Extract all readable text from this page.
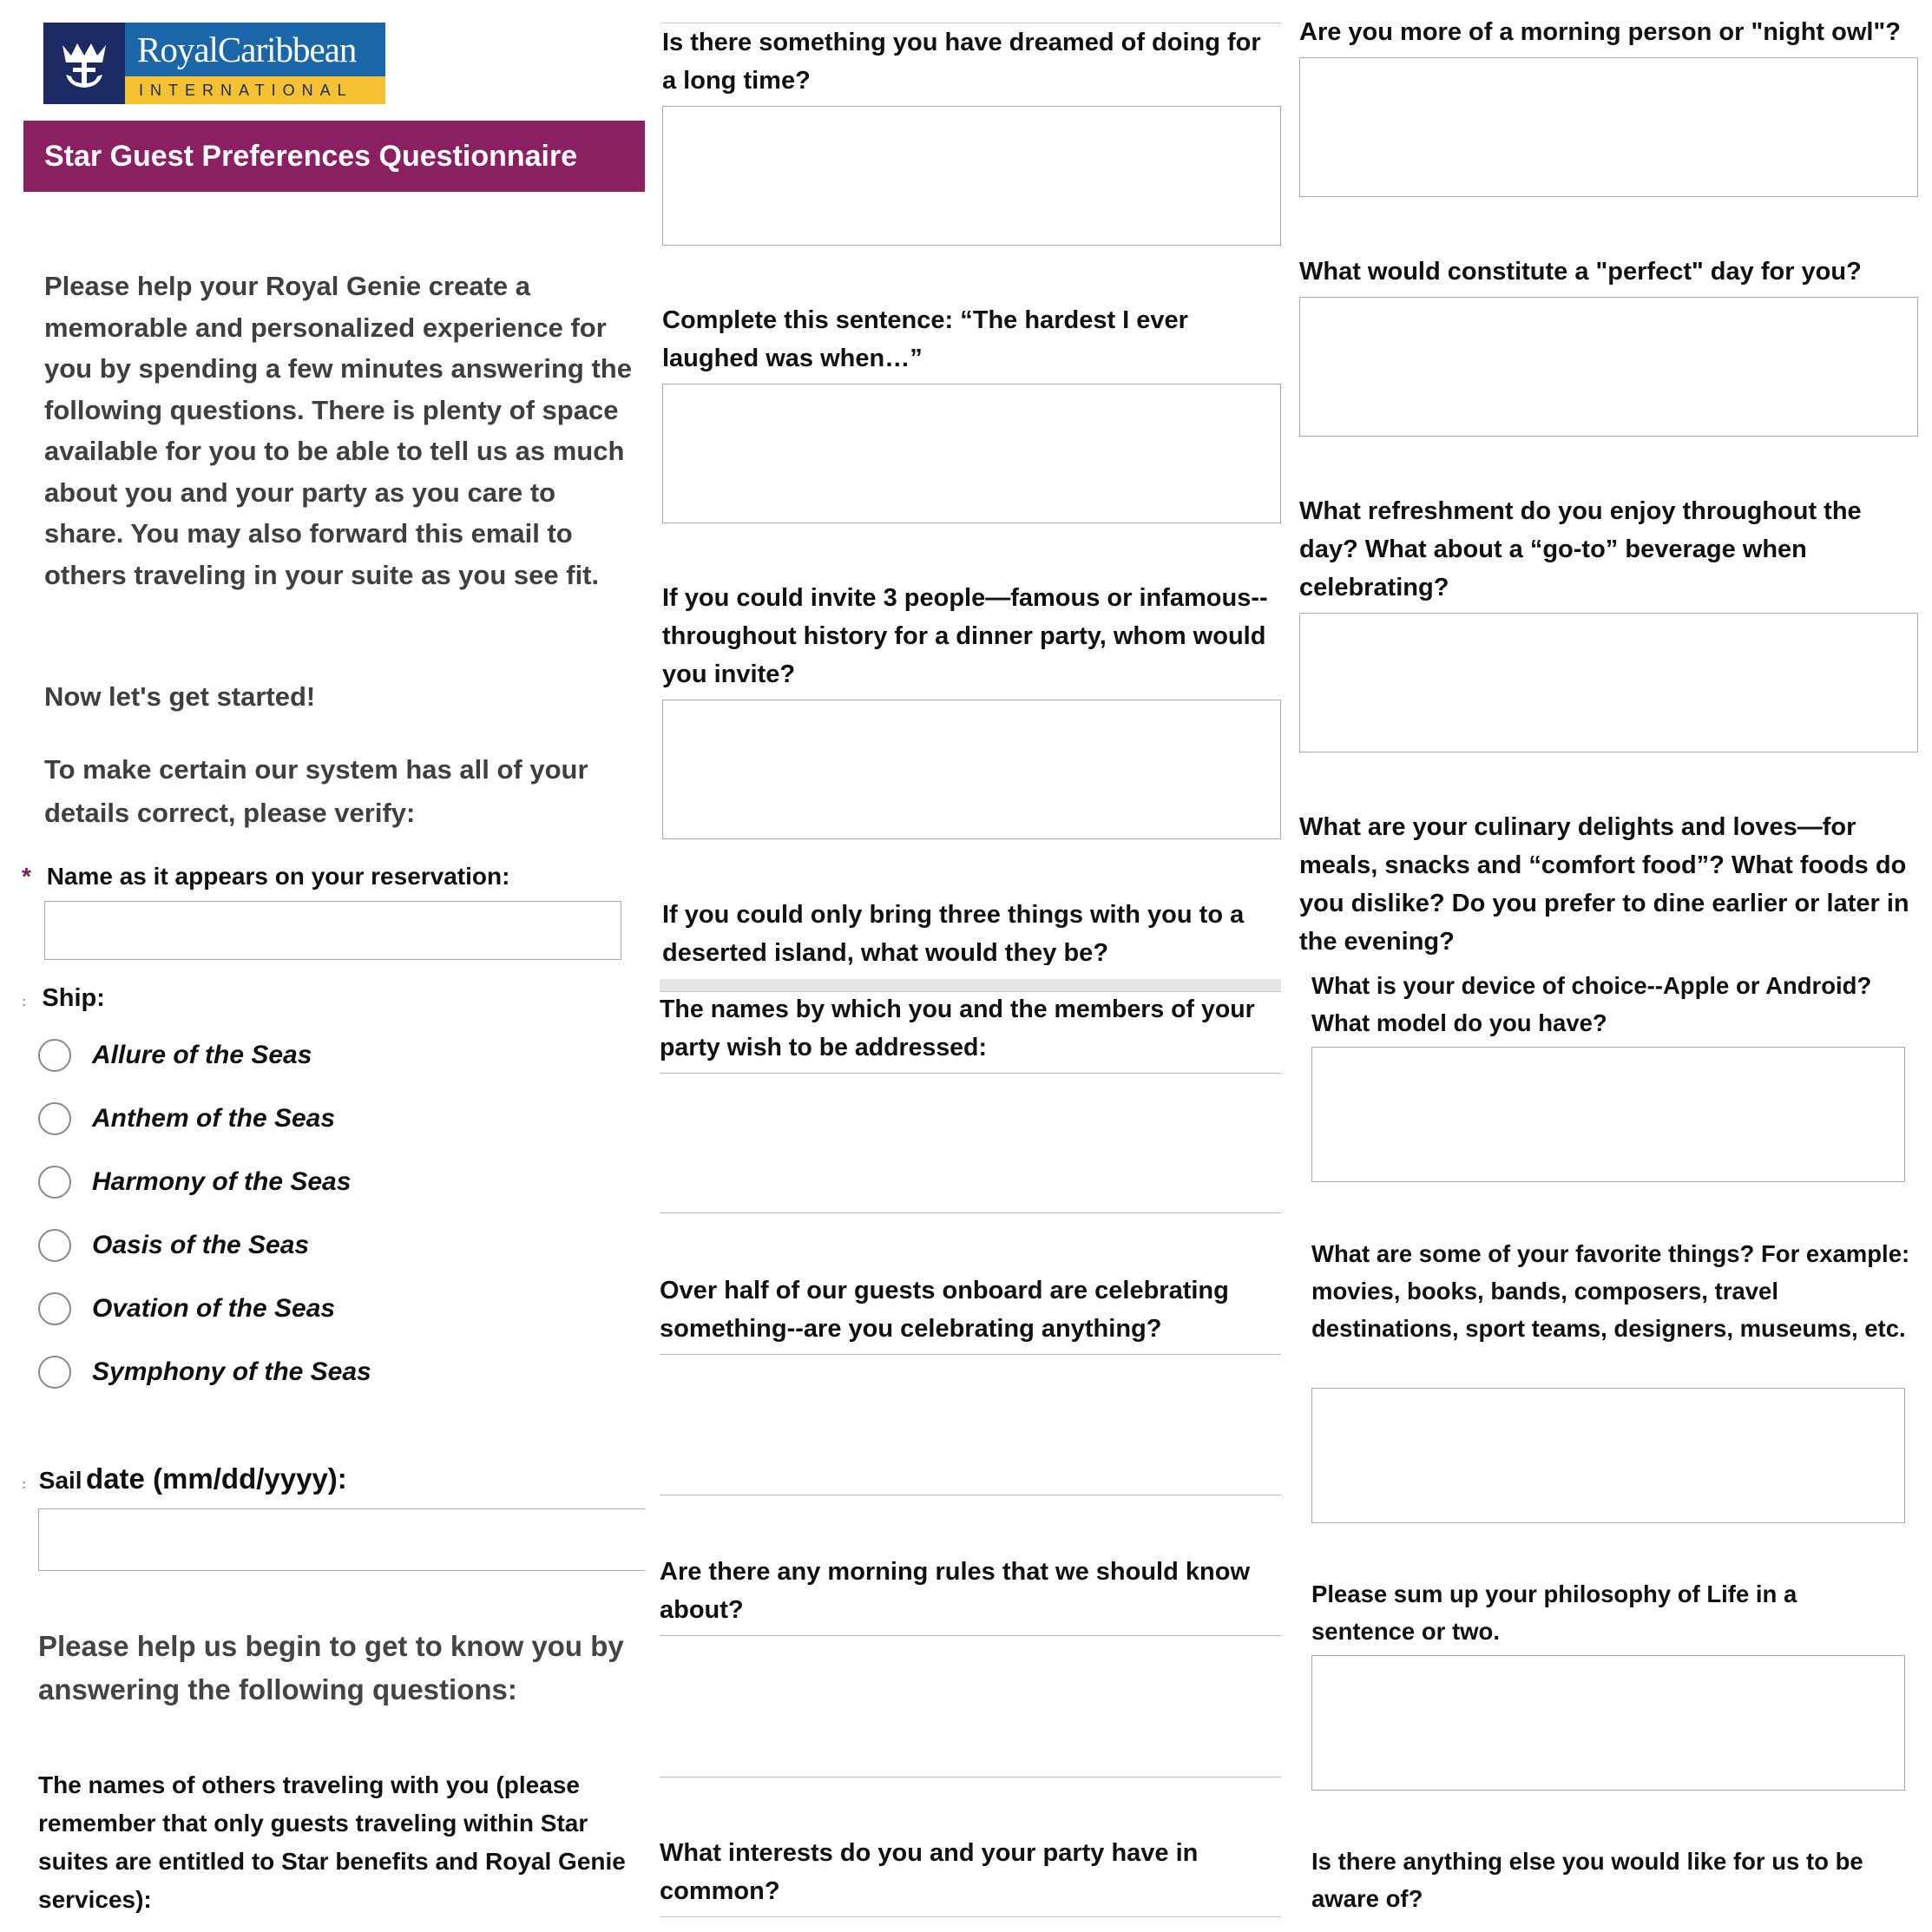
RoyalCaribbean
INTERNATIONAL
Star Guest Preferences Questionnaire
Please help your Royal Genie create a memorable and personalized experience for you by spending a few minutes answering the following questions. There is plenty of space available for you to be able to tell us as much about you and your party as you care to share. You may also forward this email to others traveling in your suite as you see fit.
Now let's get started!
To make certain our system has all of your details correct, please verify:
* Name as it appears on your reservation:
: Ship:
Allure of the Seas
Anthem of the Seas
Harmony of the Seas
Oasis of the Seas
Ovation of the Seas
Symphony of the Seas
: Sail date (mm/dd/yyyy):
Please help us begin to get to know you by answering the following questions:
The names of others traveling with you (please remember that only guests traveling within Star suites are entitled to Star benefits and Royal Genie services):
Is there something you have dreamed of doing for a long time?
Complete this sentence: “The hardest I ever laughed was when…”
If you could invite 3 people—famous or infamous--throughout history for a dinner party, whom would you invite?
If you could only bring three things with you to a deserted island, what would they be?
The names by which you and the members of your party wish to be addressed:
Over half of our guests onboard are celebrating something--are you celebrating anything?
Are there any morning rules that we should know about?
What interests do you and your party have in common?
Are you more of a morning person or "night owl"?
What would constitute a "perfect" day for you?
What refreshment do you enjoy throughout the day? What about a “go-to” beverage when celebrating?
What are your culinary delights and loves—for meals, snacks and “comfort food”? What foods do you dislike? Do you prefer to dine earlier or later in the evening?
What is your device of choice--Apple or Android? What model do you have?
What are some of your favorite things? For example: movies, books, bands, composers, travel destinations, sport teams, designers, museums, etc.
Please sum up your philosophy of Life in a sentence or two.
Is there anything else you would like for us to be aware of?
